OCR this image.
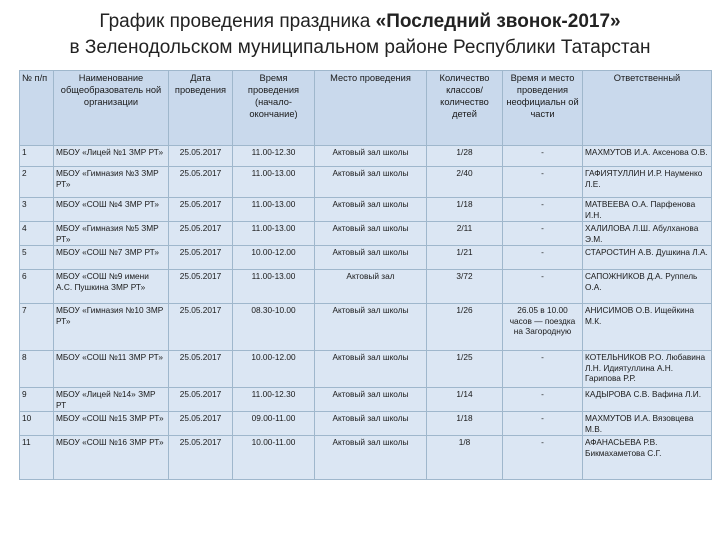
График проведения праздника «Последний звонок-2017»
в Зеленодольском муниципальном районе Республики Татарстан
№ п/п	Наименование общеобразователь ной организации	Дата проведения	Время проведения (начало-окончание)	Место проведения	Количество классов/ количество детей	Время и место проведения неофициальн ой части	Ответственный
1	МБОУ «Лицей №1 ЗМР РТ»	25.05.2017	11.00-12.30	Актовый зал школы	1/28	-	МАХМУТОВ И.А. Аксенова О.В.
2	МБОУ «Гимназия №3 ЗМР РТ»	25.05.2017	11.00-13.00	Актовый зал школы	2/40	-	ГАФИЯТУЛЛИН И.Р. Науменко Л.Е.
3	МБОУ «СОШ №4 ЗМР РТ»	25.05.2017	11.00-13.00	Актовый зал школы	1/18	-	МАТВЕЕВА О.А. Парфенова И.Н.
4	МБОУ «Гимназия №5 ЗМР РТ»	25.05.2017	11.00-13.00	Актовый зал школы	2/11	-	ХАЛИЛОВА Л.Ш. Абулханова Э.М.
5	МБОУ «СОШ №7 ЗМР РТ»	25.05.2017	10.00-12.00	Актовый зал школы	1/21	-	СТАРОСТИН А.В. Душкина Л.А.
6	МБОУ «СОШ №9 имени А.С. Пушкина ЗМР РТ»	25.05.2017	11.00-13.00	Актовый зал	3/72	-	САПОЖНИКОВ Д.А. Руппель О.А.
7	МБОУ «Гимназия №10 ЗМР РТ»	25.05.2017	08.30-10.00	Актовый зал школы	1/26	26.05 в 10.00 часов — поездка на Загородную	АНИСИМОВ О.В. Ищейкина М.К.
8	МБОУ «СОШ №11 ЗМР РТ»	25.05.2017	10.00-12.00	Актовый зал школы	1/25	-	КОТЕЛЬНИКОВ Р.О. Любавина Л.Н. Идиятуллина А.Н. Гарипова Р.Р.
9	МБОУ «Лицей №14» ЗМР РТ	25.05.2017	11.00-12.30	Актовый зал школы	1/14	-	КАДЫРОВА С.В. Вафина Л.И.
10	МБОУ «СОШ №15 ЗМР РТ»	25.05.2017	09.00-11.00	Актовый зал школы	1/18	-	МАХМУТОВ И.А. Вязовцева М.В.
11	МБОУ «СОШ №16 ЗМР РТ»	25.05.2017	10.00-11.00	Актовый зал школы	1/8	-	АФАНАСЬЕВА Р.В. Бикмахаметова С.Г.
